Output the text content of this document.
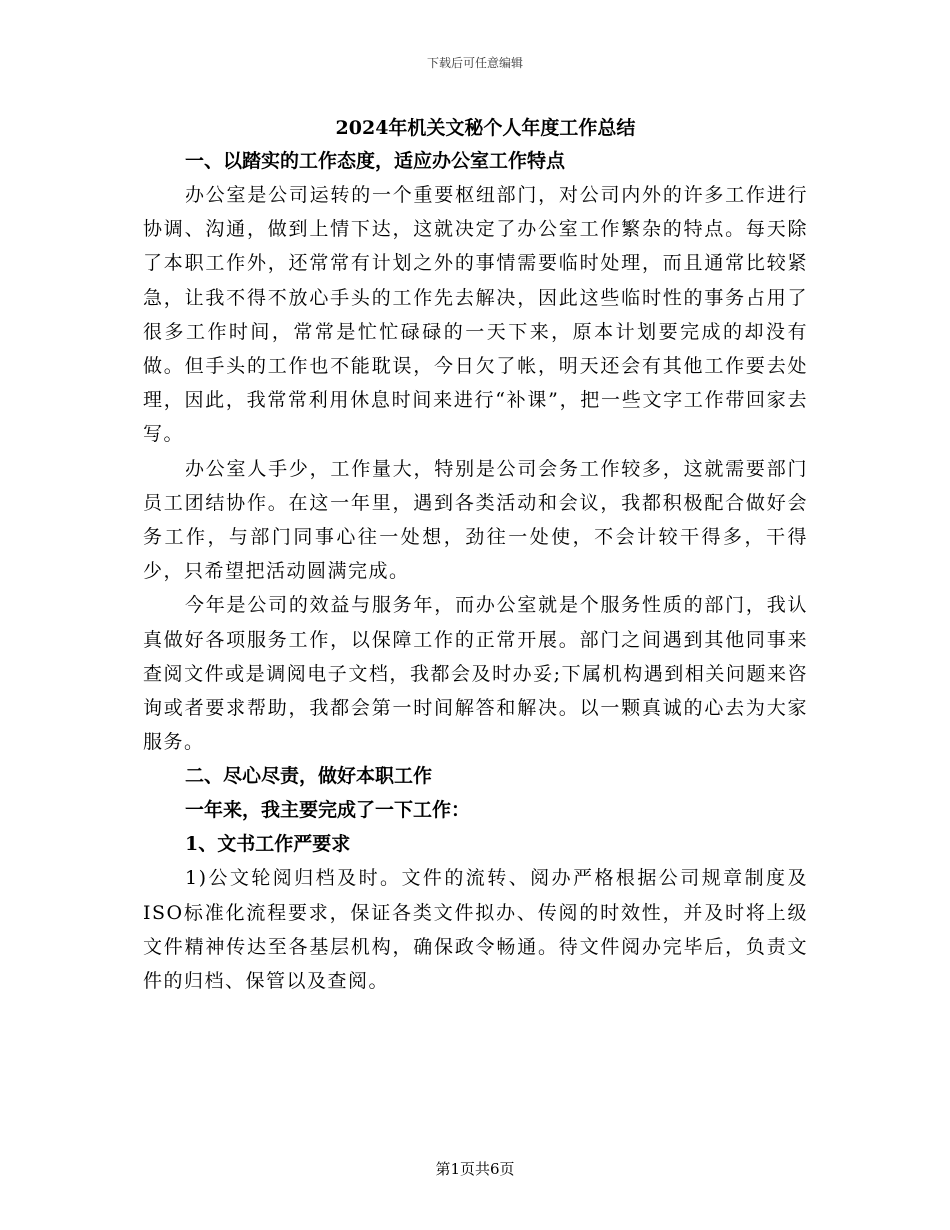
下载后可任意编辑
2024年机关文秘个人年度工作总结
一、以踏实的工作态度，适应办公室工作特点

办公室是公司运转的一个重要枢纽部门，对公司内外的许多工作进行协调、沟通，做到上情下达，这就决定了办公室工作繁杂的特点。每天除了本职工作外，还常常有计划之外的事情需要临时处理，而且通常比较紧急，让我不得不放心手头的工作先去解决，因此这些临时性的事务占用了很多工作时间，常常是忙忙碌碌的一天下来，原本计划要完成的却没有做。但手头的工作也不能耽误，今日欠了帐，明天还会有其他工作要去处理，因此，我常常利用休息时间来进行“补课”，把一些文字工作带回家去写。

办公室人手少，工作量大，特别是公司会务工作较多，这就需要部门员工团结协作。在这一年里，遇到各类活动和会议，我都积极配合做好会务工作，与部门同事心往一处想，劲往一处使，不会计较干得多，干得少，只希望把活动圆满完成。

今年是公司的效益与服务年，而办公室就是个服务性质的部门，我认真做好各项服务工作，以保障工作的正常开展。部门之间遇到其他同事来查阅文件或是调阅电子文档，我都会及时办妥;下属机构遇到相关问题来咨询或者要求帮助，我都会第一时间解答和解决。以一颗真诚的心去为大家服务。

二、尽心尽责，做好本职工作
一年来，我主要完成了一下工作：
1、文书工作严要求

1)公文轮阅归档及时。文件的流转、阅办严格根据公司规章制度及ISO标准化流程要求，保证各类文件拟办、传阅的时效性，并及时将上级文件精神传达至各基层机构，确保政令畅通。待文件阅办完毕后，负责文件的归档、保管以及查阅。

第1页共6页
